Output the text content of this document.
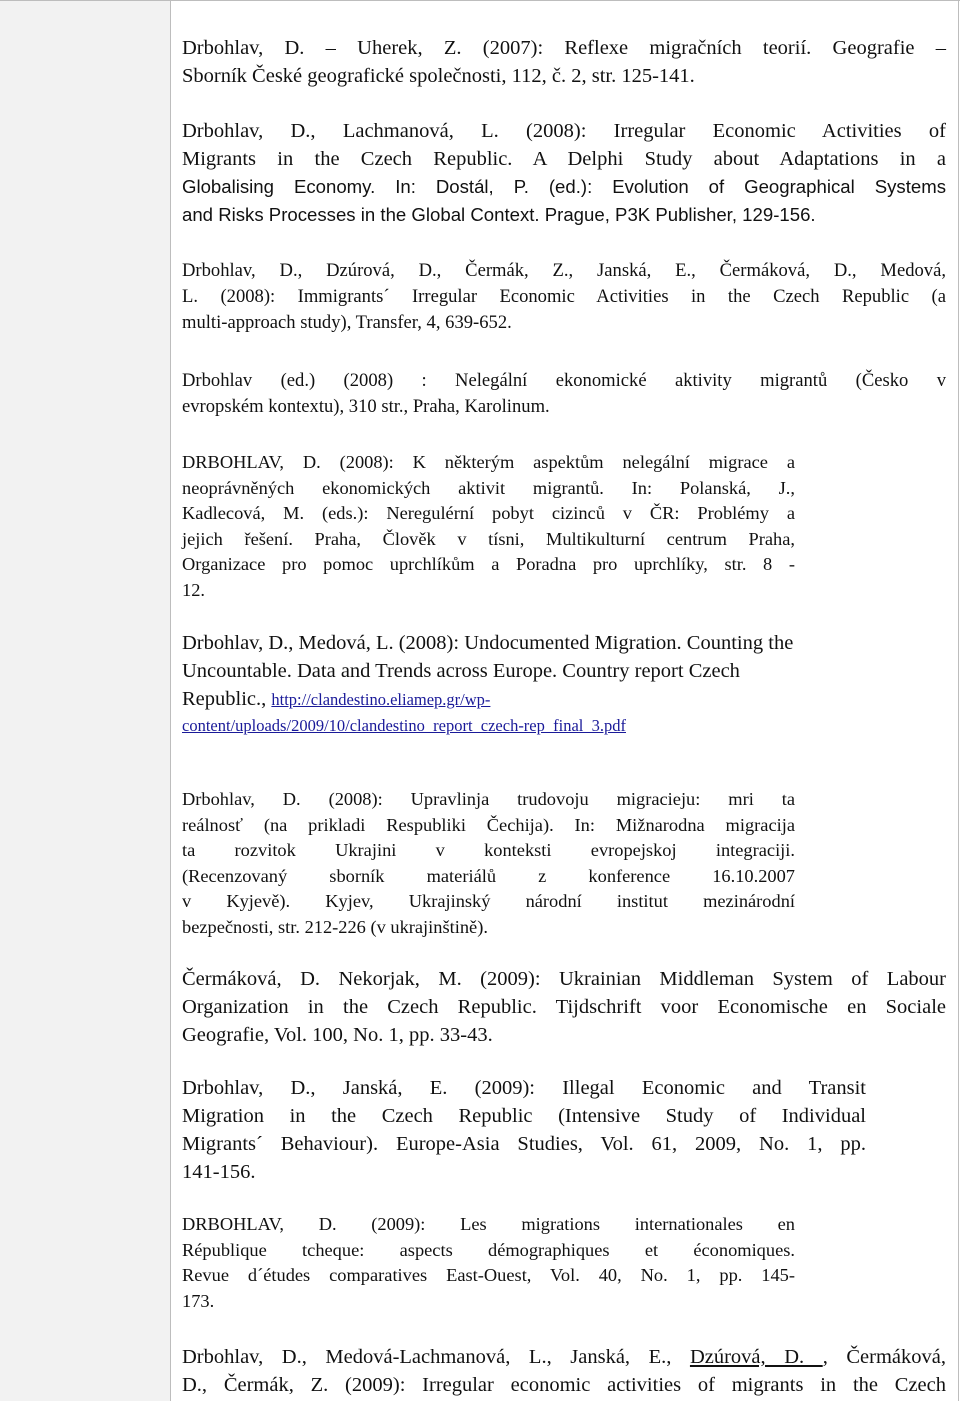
Drbohlav, D. – Uherek, Z. (2007): Reflexe migračních teorií. Geografie –
Sborník České geografické společnosti, 112, č. 2, str. 125-141.
Drbohlav, D., Lachmanová, L. (2008): Irregular Economic Activities of
Migrants in the Czech Republic. A Delphi Study about Adaptations in a
Globalising Economy. In: Dostál, P. (ed.): Evolution of Geographical Systems
and Risks Processes in the Global Context. Prague, P3K Publisher, 129-156.
Drbohlav, D., Dzúrová, D., Čermák, Z., Janská, E., Čermáková, D., Medová,
L. (2008): Immigrants´ Irregular Economic Activities in the Czech Republic (a
multi-approach study), Transfer, 4, 639-652.
Drbohlav (ed.) (2008) : Nelegální ekonomické aktivity migrantů (Česko v
evropském kontextu), 310 str., Praha, Karolinum.
DRBOHLAV, D. (2008): K některým aspektům nelegální migrace a
neoprávněných ekonomických aktivit migrantů. In: Polanská, J.,
Kadlecová, M. (eds.): Neregulérní pobyt cizinců v ČR: Problémy a
jejich řešení. Praha, Člověk v tísni, Multikulturní centrum Praha,
Organizace pro pomoc uprchlíkům a Poradna pro uprchlíky, str. 8 -
12.
Drbohlav, D., Medová, L. (2008): Undocumented Migration. Counting the
Uncountable. Data and Trends across Europe. Country report Czech
Republic., http://clandestino.eliamep.gr/wp-
content/uploads/2009/10/clandestino_report_czech-rep_final_3.pdf
Drbohlav, D. (2008): Upravlinja trudovoju migracieju: mri ta
reálnosť (na prikladi Respubliki Čechija). In: Mižnarodna migracija
ta rozvitok Ukrajini v kontekstі evropejskoj integraciji.
(Recenzovaný sborník materiálů z konference 16.10.2007
v Kyjevě). Kyjev, Ukrajinský národní institut mezinárodní
bezpečnosti, str. 212-226 (v ukrajinštině).
Čermáková, D. Nekorjak, M. (2009): Ukrainian Middleman System of Labour
Organization in the Czech Republic. Tijdschrift voor Economische en Sociale
Geografie, Vol. 100, No. 1, pp. 33-43.
Drbohlav, D., Janská, E. (2009): Illegal Economic and Transit
Migration in the Czech Republic (Intensive Study of Individual
Migrants´ Behaviour). Europe-Asia Studies, Vol. 61, 2009, No. 1, pp.
141-156.
DRBOHLAV, D. (2009): Les migrations internationales en
République tcheque: aspects démographiques et économiques.
Revue d´études comparatives East-Ouest, Vol. 40, No. 1, pp. 145-
173.
Drbohlav, D., Medová-Lachmanová, L., Janská, E., Dzúrová, D. , Čermáková,
D., Čermák, Z. (2009): Irregular economic activities of migrants in the Czech
